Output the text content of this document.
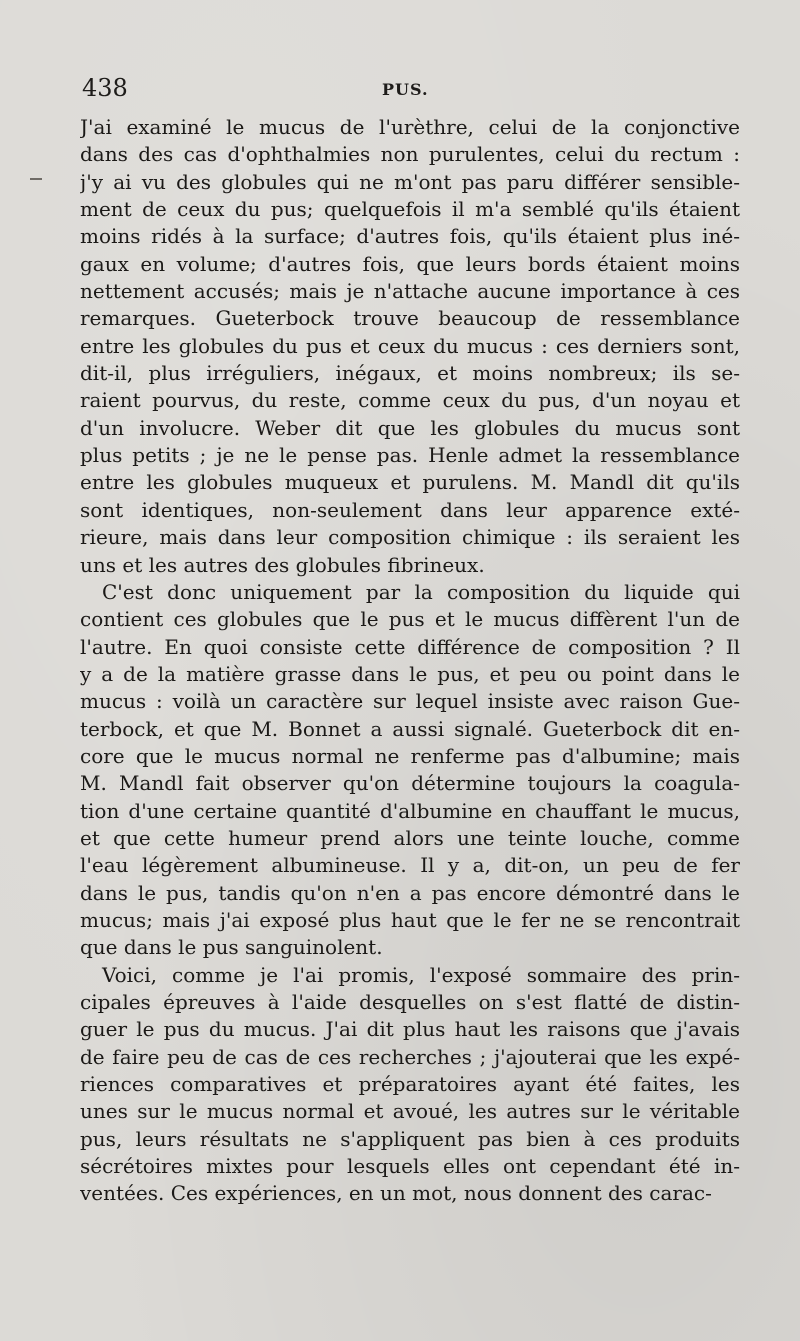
438	PUS.
J'ai examiné le mucus de l'urèthre, celui de la conjonctive
dans des cas d'ophthalmies non purulentes, celui du rectum :
j'y ai vu des globules qui ne m'ont pas paru différer sensible-
ment de ceux du pus; quelquefois il m'a semblé qu'ils étaient
moins ridés à la surface; d'autres fois, qu'ils étaient plus iné-
gaux en volume; d'autres fois, que leurs bords étaient moins
nettement accusés; mais je n'attache aucune importance à ces
remarques. Gueterbock trouve beaucoup de ressemblance
entre les globules du pus et ceux du mucus : ces derniers sont,
dit-il, plus irréguliers, inégaux, et moins nombreux; ils se-
raient pourvus, du reste, comme ceux du pus, d'un noyau et
d'un involucre. Weber dit que les globules du mucus sont
plus petits ; je ne le pense pas. Henle admet la ressemblance
entre les globules muqueux et purulens. M. Mandl dit qu'ils
sont identiques, non-seulement dans leur apparence exté-
rieure, mais dans leur composition chimique : ils seraient les
uns et les autres des globules fibrineux.
C'est donc uniquement par la composition du liquide qui
contient ces globules que le pus et le mucus diffèrent l'un de
l'autre. En quoi consiste cette différence de composition ? Il
y a de la matière grasse dans le pus, et peu ou point dans le
mucus : voilà un caractère sur lequel insiste avec raison Gue-
terbock, et que M. Bonnet a aussi signalé. Gueterbock dit en-
core que le mucus normal ne renferme pas d'albumine; mais
M. Mandl fait observer qu'on détermine toujours la coagula-
tion d'une certaine quantité d'albumine en chauffant le mucus,
et que cette humeur prend alors une teinte louche, comme
l'eau légèrement albumineuse. Il y a, dit-on, un peu de fer
dans le pus, tandis qu'on n'en a pas encore démontré dans le
mucus; mais j'ai exposé plus haut que le fer ne se rencontrait
que dans le pus sanguinolent.
Voici, comme je l'ai promis, l'exposé sommaire des prin-
cipales épreuves à l'aide desquelles on s'est flatté de distin-
guer le pus du mucus. J'ai dit plus haut les raisons que j'avais
de faire peu de cas de ces recherches ; j'ajouterai que les expé-
riences comparatives et préparatoires ayant été faites, les
unes sur le mucus normal et avoué, les autres sur le véritable
pus, leurs résultats ne s'appliquent pas bien à ces produits
sécrétoires mixtes pour lesquels elles ont cependant été in-
ventées. Ces expériences, en un mot, nous donnent des carac-
